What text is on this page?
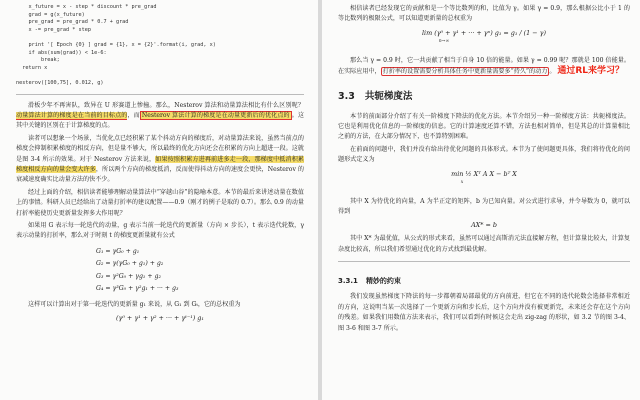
x_future = x - step * discount * pre_grad
grad = g(x_future)
pre_grad = pre_grad * 0.7 + grad
x -= pre_grad * step

print '[ Epoch {0} ] grad = {1}, x = {2}'.format(i, grad, x)
if abs(sum(grad)) < 1e-6:
break;
return x

nesterov([100,75], 0.012, g)

滑板少年不再害队，致异在 U 形赛道上惨撞。那么，Nesterov 算法和动量算法相比有什么区别呢？动量算法计算的梯度是在当前的目标点的，而 Nesterov 算法计算的梯度是在动量更新后的优化点的 。这其中关键的区别在于计算梯度的点。

读者可以想象一个场景，当优化点已经积累了某个抖动方向的梯度后，对动量算法来说，虽然当前点的梯度会抑制积累梯度的相反方向，但是量不够大，所以最终的优化方向还会在积累的方向上超进一段。这就是图 3-4 所示的效果。对于 Nesterov 方法来说，如果按照积累方进再前进多走一段，那梯度中抵消积累梯度相反方向的量会变大许多，所以两个方向的梯度抵消，反而使得抖动方向的速度会更快，Nesterov 的衰减速度确实比动量方法的快不少。

经过上面的介绍，相信读者能够理解动量算法中“穿越山谷”的隐喻本意。本节的最后来讲述动量在数值上的事情。科研人员已经给出了动量打折率的建议配置——0.9（刚才的例子是取的 0.7）。那么 0.9 的动量打折率能使历史更新量发挥多大作用呢？

如果用 G 表示每一轮迭代的动量，g 表示当前一轮迭代的更新量（方向 × 步长），t 表示迭代轮数，γ 表示动量的打折率，那么对于时刻 t 的梯度更新量就有公式

G₁ = γG₀ + g₁
G₂ = γ(γG₀ + g₁) + g₂
G₃ = γ²G₀ + γg₁ + g₂
G₄ = γ³G₀ + γ²g₁ + ··· + g₃

这样可以计算出对于第一轮迭代的更新量 g₁ 来说，从 G₁ 到 Gₜ，它的总权重为

(γ⁰ + γ¹ + γ² + ··· + γᵗ⁻¹) g₁

相信读者已经发现它的贡献和是一个等比数列的和，比值为 γ。如果 γ = 0.9，那么根据公比小于 1 的等比数列的极限公式，可以知道更新量的总权重为

lim (γ⁰ + γ¹ + ··· + γⁿ) g₁ = g₁ / (1 − γ)
$^{n\to\infty}$

那么当 γ = 0.9 时，它一共贡献了相当于自身 10 倍的能量。如果 γ = 0.99 呢？那就是 100 倍能量。在实际应用中， 打折率的设置需要分析具体任务中更新量需要多“持久”的动力 。 通过RL来学习？

3.3 共轭梯度法

本节的前面部分介绍了有关一阶梯度下降法的优化方法。本节介绍另一种一阶梯度方法：共轭梯度法。它也是利用优化信息的一阶梯度的信息。它的计算速度还算不错，方法也相对简单，但是其总的计算量相比之前的方法，在大部分情况下，也不算特别困难。

在前面的问题中，我们并没有给出待优化问题的具体形式。本节为了使问题更具体，我们将待优化的问题形式定义为

min ½ Xᵀ A X − bᵀ X
$^x$

其中 X 为待优化的向量，A 为半正定的矩阵，b 为已知向量。对公式进行求导，并令导数为 0，就可以得到

AX* = b

其中 X* 为最优值，从公式的形式来看，虽然可以通过高斯消元法直接解方程，但计算量比较大，计算复杂度比较高，所以我们希望通过优化的方式找到最优解。

3.3.1 精妙的约束

我们发现虽然梯度下降法的每一步都朝着局部最优的方向前进，但它在不同的迭代轮数会选择非常相近的方向，这说明当某一次选择了一个更新方向和步长后，这个方向并没有被更新完，未来还会存在这个方向的残差。如果我们用数值方法来表示，我们可以看到有时候这会走出 zig-zag 的形状，如 3.2 节的图 3-4、图 3-6 和图 3-7 所示。
